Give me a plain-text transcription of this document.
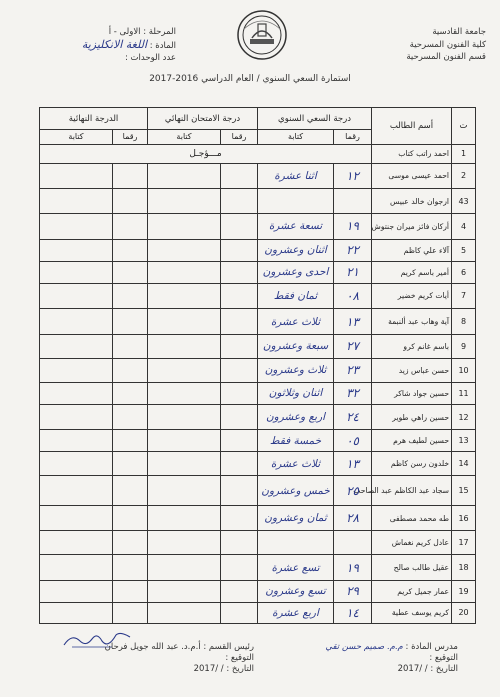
جامعة القادسية
كلية الفنون المسرحية
قسم الفنون المسرحية
المرحلة : الاولى - أ
المادة : اللغة الانكليزية
عدد الوحدات :
استمارة السعي السنوي / العام الدراسي 2016-2017
ت	أسم الطالب	درجة السعي السنوي		درجة الامتحان النهائي		الدرجة النهائية	
		رقما	كتابة	رقما	كتابة	رقما	كتابة
1	احمد راتب كتاب	مـــؤجـل					
2	احمد عيسى موسى	١٢	اثنا عشرة				
43	ارجوان خالد عبيس						
4	أركان فائز ميران جنتوش	١٩	تسعة عشرة				
5	آلاء علي كاظم	٢٢	اثنان وعشرون				
6	أمير باسم كريم	٢١	احدى وعشرون				
7	أيات كريم خضير	٠٨	ثمان فقط				
8	آية وهاب عبد ألنبمة	١٣	ثلاث عشرة				
9	باسم غانم كرو	٢٧	سبعة وعشرون				
10	حسن عباس زيد	٢٣	ثلاث وعشرون				
11	حسين جواد شاكر	٣٢	اثنان وثلاثون				
12	حسين راهي طوير	٢٤	اربع وعشرون				
13	حسين لطيف هرم	٠٥	خمسة فقط				
14	خلدون رسن كاظم	١٣	ثلاث عشرة				
15	سجاد عبد الكاظم عبد الصاحب	٢٥	خمس وعشرون				
16	طه محمد مصطفى	٢٨	ثمان وعشرون				
17	عادل كريم نغماش						
18	عقيل طالب صالح	١٩	تسع عشرة				
19	عمار جميل كريم	٢٩	تسع وعشرون				
20	كريم يوسف عطية	١٤	اربع عشرة				
مدرس المادة : م.م. صميم حسن تقي
التوقيع :
التاريخ : / /2017
رئيس القسم : أ.م.د. عبد الله جويل فرحان
التوقيع :
التاريخ : / /2017
